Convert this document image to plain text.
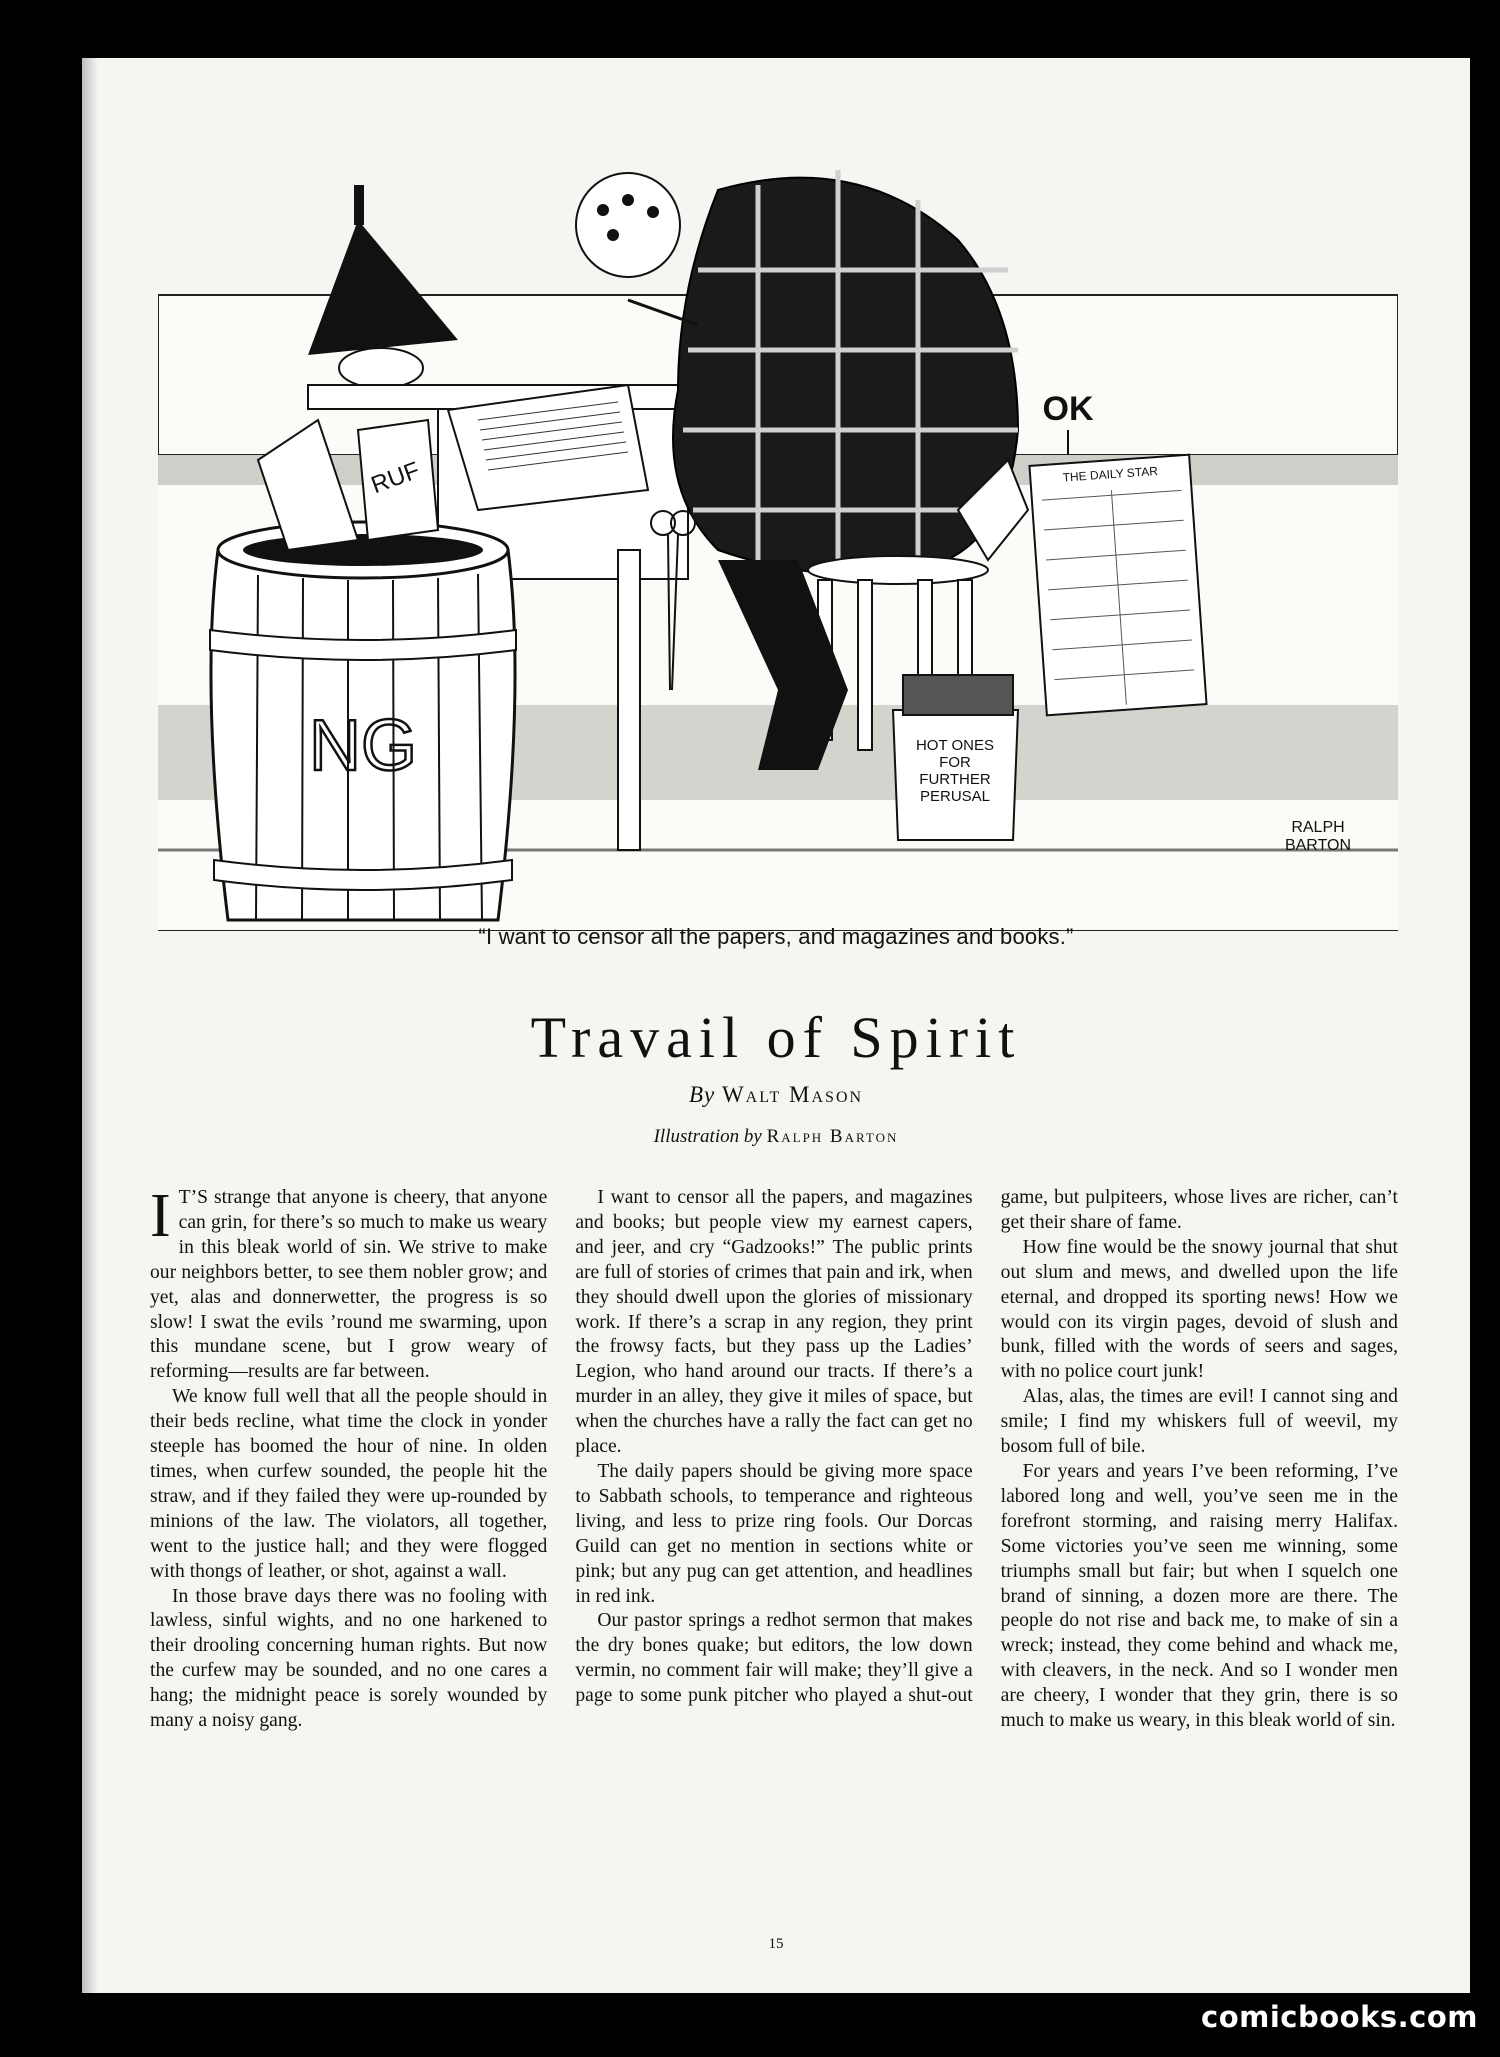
NG
RUF
HOT ONES
FOR
FURTHER
PERUSAL
OK
THE DAILY STAR
RALPH
BARTON
“I want to censor all the papers, and magazines and books.”
Travail of Spirit
By Walt Mason
Illustration by Ralph Barton

I T’S strange that anyone is cheery, that anyone can grin, for there’s so much to make us weary in this bleak world of sin. We strive to make our neighbors better, to see them nobler grow; and yet, alas and donnerwetter, the progress is so slow! I swat the evils ’round me swarming, upon this mundane scene, but I grow weary of reforming—results are far between.

We know full well that all the people should in their beds recline, what time the clock in yonder steeple has boomed the hour of nine. In olden times, when curfew sounded, the people hit the straw, and if they failed they were up-rounded by minions of the law. The violators, all together, went to the justice hall; and they were flogged with thongs of leather, or shot, against a wall.

In those brave days there was no fooling with lawless, sinful wights, and no one harkened to their drooling concerning human rights. But now the curfew may be sounded, and no one cares a hang; the midnight peace is sorely wounded by many a noisy gang.

I want to censor all the papers, and magazines and books; but people view my earnest capers, and jeer, and cry “Gadzooks!” The public prints are full of stories of crimes that pain and irk, when they should dwell upon the glories of missionary work. If there’s a scrap in any region, they print the frowsy facts, but they pass up the Ladies’ Legion, who hand around our tracts. If there’s a murder in an alley, they give it miles of space, but when the churches have a rally the fact can get no place.

The daily papers should be giving more space to Sabbath schools, to temperance and righteous living, and less to prize ring fools. Our Dorcas Guild can get no mention in sections white or pink; but any pug can get attention, and headlines in red ink.

Our pastor springs a redhot sermon that makes the dry bones quake; but editors, the low down vermin, no comment fair will make; they’ll give a page to some punk pitcher who played a shut-out game, but pulpiteers, whose lives are richer, can’t get their share of fame.

How fine would be the snowy journal that shut out slum and mews, and dwelled upon the life eternal, and dropped its sporting news! How we would con its virgin pages, devoid of slush and bunk, filled with the words of seers and sages, with no police court junk!

Alas, alas, the times are evil! I cannot sing and smile; I find my whiskers full of weevil, my bosom full of bile.

For years and years I’ve been reforming, I’ve labored long and well, you’ve seen me in the forefront storming, and raising merry Halifax. Some victories you’ve seen me winning, some triumphs small but fair; but when I squelch one brand of sinning, a dozen more are there. The people do not rise and back me, to make of sin a wreck; instead, they come behind and whack me, with cleavers, in the neck. And so I wonder men are cheery, I wonder that they grin, there is so much to make us weary, in this bleak world of sin.

15
comicbooks.com
